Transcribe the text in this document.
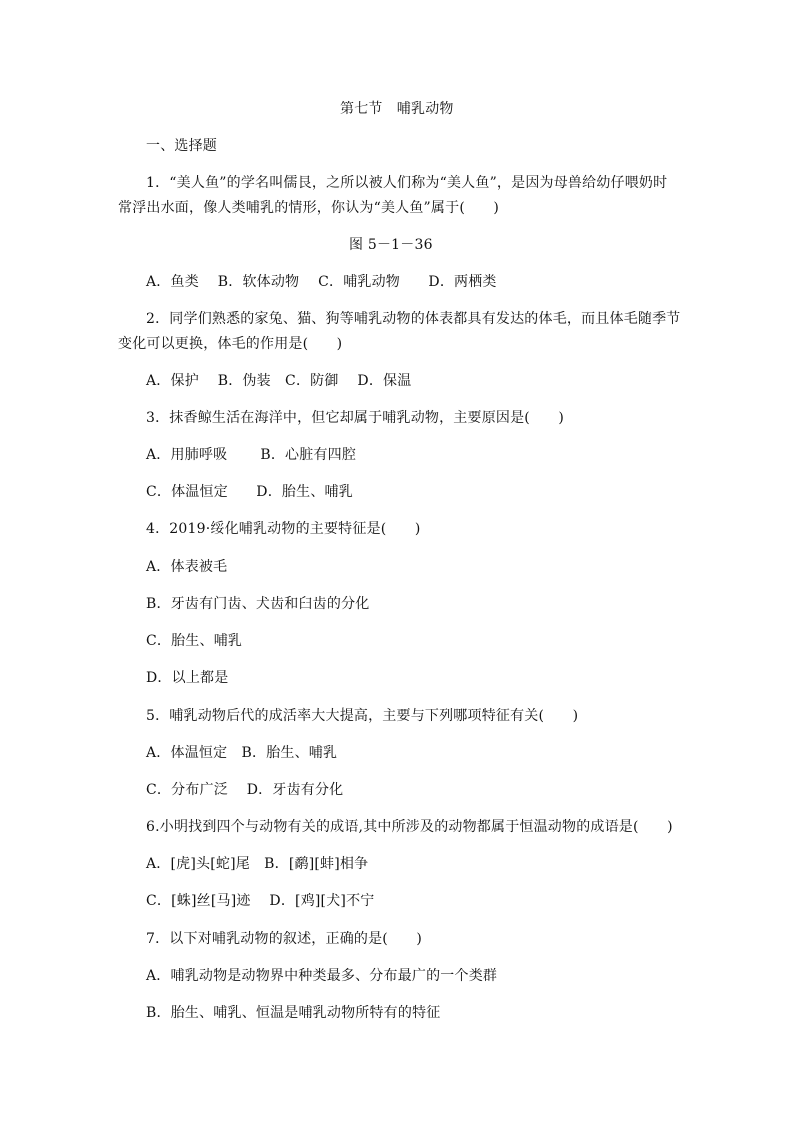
第七节　哺乳动物
一、选择题
1．“美人鱼”的学名叫儒艮，之所以被人们称为“美人鱼”，是因为母兽给幼仔喂奶时
常浮出水面，像人类哺乳的情形，你认为“美人鱼”属于(　　)
图 5－1－36
A．鱼类　 B．软体动物　 C．哺乳动物　　D．两栖类
2．同学们熟悉的家兔、猫、狗等哺乳动物的体表都具有发达的体毛，而且体毛随季节
变化可以更换，体毛的作用是(　　)
A．保护　 B．伪装　C．防御　 D．保温
3．抹香鲸生活在海洋中，但它却属于哺乳动物，主要原因是(　　)
A．用肺呼吸　　 B．心脏有四腔
C．体温恒定　　D．胎生、哺乳
4．2019·绥化哺乳动物的主要特征是(　　)
A．体表被毛
B．牙齿有门齿、犬齿和臼齿的分化
C．胎生、哺乳
D．以上都是
5．哺乳动物后代的成活率大大提高，主要与下列哪项特征有关(　　)
A．体温恒定　B．胎生、哺乳
C．分布广泛　 D．牙齿有分化
6.小明找到四个与动物有关的成语,其中所涉及的动物都属于恒温动物的成语是(　　)
A．[虎]头[蛇]尾　B．[鹬][蚌]相争
C．[蛛]丝[马]迹　 D．[鸡][犬]不宁
7．以下对哺乳动物的叙述，正确的是(　　)
A．哺乳动物是动物界中种类最多、分布最广的一个类群
B．胎生、哺乳、恒温是哺乳动物所特有的特征
